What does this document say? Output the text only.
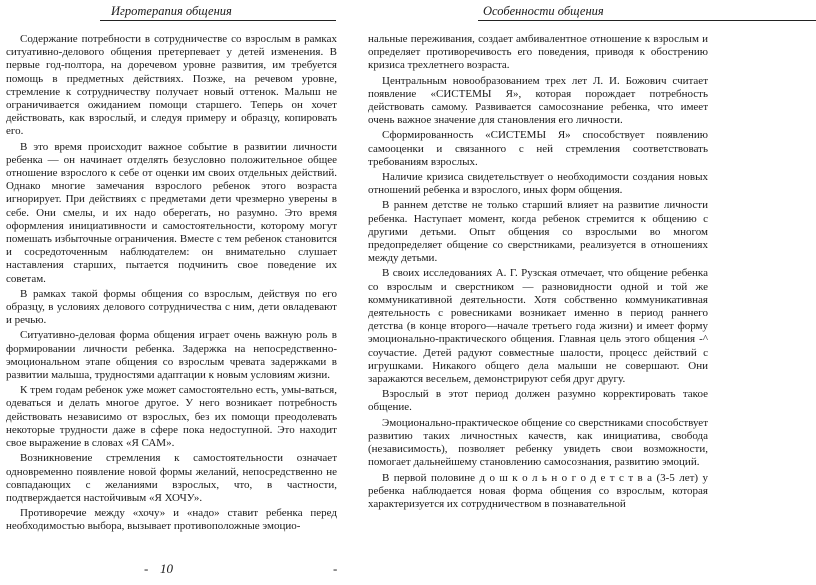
Игротерапия общения	Особенности общения

Содержание потребности в сотрудничестве со взрослым в рамках ситуативно-делового общения претерпевает у детей изменения. В первые год-полтора, на доречевом уровне развития, им требуется помощь в предметных действиях. Позже, на речевом уровне, стремление к сотрудничеству получает новый оттенок. Малыш не ограничивается ожиданием помощи старшего. Теперь он хочет действовать, как взрослый, и следуя примеру и образцу, копировать его.

В это время происходит важное событие в развитии личности ребенка — он начинает отделять безусловно положительное общее отношение взрослого к себе от оценки им своих отдельных действий. Однако многие замечания взрослого ребенок этого возраста игнорирует. При действиях с предметами дети чрезмерно уверены в себе. Они смелы, и их надо оберегать, но разумно. Это время оформления инициативности и самостоятельности, которому могут помешать избыточные ограничения. Вместе с тем ребенок становится и сосредоточенным наблюдателем: он внимательно слушает наставления старших, пытается подчинить свое поведение их советам.

В рамках такой формы общения со взрослым, действуя по его образцу, в условиях делового сотрудничества с ним, дети овладевают и речью.

Ситуативно-деловая форма общения играет очень важную роль в формировании личности ребенка. Задержка на непосредственно-эмоциональном этапе общения со взрослым чревата задержками в развитии малыша, трудностями адаптации к новым условиям жизни.

К трем годам ребенок уже может самостоятельно есть, умы-ваться, одеваться и делать многое другое. У него возникает потребность действовать независимо от взрослых, без их помощи преодолевать некоторые трудности даже в сфере пока недоступной. Это находит свое выражение в словах «Я САМ».

Возникновение стремления к самостоятельности означает одновременно появление новой формы желаний, непосредственно не совпадающих с желаниями взрослых, что, в частности, подтверждается настойчивым «Я ХОЧУ».

Противоречие между «хочу» и «надо» ставит ребенка перед необходимостью выбора, вызывает противоположные эмоцио-

нальные переживания, создает амбивалентное отношение к взрослым и определяет противоречивость его поведения, приводя к обострению кризиса трехлетнего возраста.

Центральным новообразованием трех лет Л. И. Божович считает появление «СИСТЕМЫ Я», которая порождает потребность действовать самому. Развивается самосознание ребенка, что имеет очень важное значение для становления его личности.

Сформированность «СИСТЕМЫ Я» способствует появлению самооценки и связанного с ней стремления соответствовать требованиям взрослых.

Наличие кризиса свидетельствует о необходимости создания новых отношений ребенка и взрослого, иных форм общения.

В раннем детстве не только старший влияет на развитие личности ребенка. Наступает момент, когда ребенок стремится к общению с другими детьми. Опыт общения со взрослыми во многом предопределяет общение со сверстниками, реализуется в отношениях между детьми.

В своих исследованиях А. Г. Рузская отмечает, что общение ребенка со взрослым и сверстником — разновидности одной и той же коммуникативной деятельности. Хотя собственно коммуникативная деятельность с ровесниками возникает именно в период раннего детства (в конце второго—начале третьего года жизни) и имеет форму эмоционально-практического общения. Главная цель этого общения -^ соучастие. Детей радуют совместные шалости, процесс действий с игрушками. Никакого общего дела малыши не совершают. Они заражаются весельем, демонстрируют себя друг другу.

Взрослый в этот период должен разумно корректировать такое общение.

Эмоционально-практическое общение со сверстниками способствует развитию таких личностных качеств, как инициатива, свобода (независимость), позволяет ребенку увидеть свои возможности, помогает дальнейшему становлению самосознания, развитию эмоций.

В первой половине д о ш к о л ь н о г о д е т с т в а (3-5 лет) у ребенка наблюдается новая форма общения со взрослым, которая характеризуется их сотрудничеством в познавательной

- 10	-
